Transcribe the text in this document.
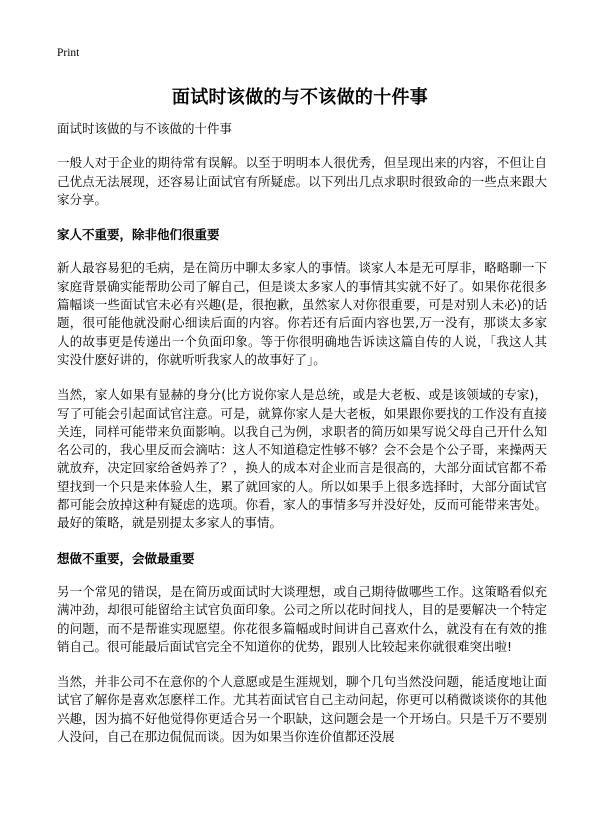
Print
面试时该做的与不该做的十件事

面试时该做的与不该做的十件事

一般人对于企业的期待常有误解。以至于明明本人很优秀，但呈现出来的内容，不但让自己优点无法展现，还容易让面试官有所疑虑。以下列出几点求职时很致命的一些点来跟大家分享。

家人不重要，除非他们很重要

新人最容易犯的毛病，是在简历中聊太多家人的事情。谈家人本是无可厚非，略略聊一下家庭背景确实能帮助公司了解自己，但是谈太多家人的事情其实就不好了。如果你花很多篇幅谈一些面试官未必有兴趣(是，很抱歉，虽然家人对你很重要，可是对别人未必)的话题，很可能他就没耐心细读后面的内容。你若还有后面内容也罢,万一没有，那谈太多家人的故事更是传递出一个负面印象。等于你很明确地告诉读这篇自传的人说，「我这人其实没什麽好讲的，你就听听我家人的故事好了」。

当然，家人如果有显赫的身分(比方说你家人是总统，或是大老板、或是该领域的专家)，写了可能会引起面试官注意。可是，就算你家人是大老板，如果跟你要找的工作没有直接关连，同样可能带来负面影响。以我自己为例，求职者的简历如果写说父母自己开什么知名公司的，我心里反而会滴咕：这人不知道稳定性够不够？会不会是个公子哥，来操两天就放弃，决定回家给爸妈养了？，换人的成本对企业而言是很高的，大部分面试官都不希望找到一个只是来体验人生，累了就回家的人。所以如果手上很多选择时，大部分面试官都可能会放掉这种有疑虑的选项。你看，家人的事情多写并没好处，反而可能带来害处。最好的策略，就是别提太多家人的事情。

想做不重要，会做最重要

另一个常见的错误，是在简历或面试时大谈理想，或自己期待做哪些工作。这策略看似充满冲劲，却很可能留给主试官负面印象。公司之所以花时间找人，目的是要解决一个特定的问题，而不是帮谁实现愿望。你花很多篇幅或时间讲自己喜欢什么，就没有在有效的推销自己。很可能最后面试官完全不知道你的优势，跟别人比较起来你就很难突出啦!

当然，并非公司不在意你的个人意愿或是生涯规划，聊个几句当然没问题，能适度地让面试官了解你是喜欢怎麽样工作。尤其若面试官自己主动问起，你更可以稍微谈谈你的其他兴趣，因为搞不好他觉得你更适合另一个职缺，这问题会是一个开场白。只是千万不要别人没问，自己在那边侃侃而谈。因为如果当你连价值都还没展
